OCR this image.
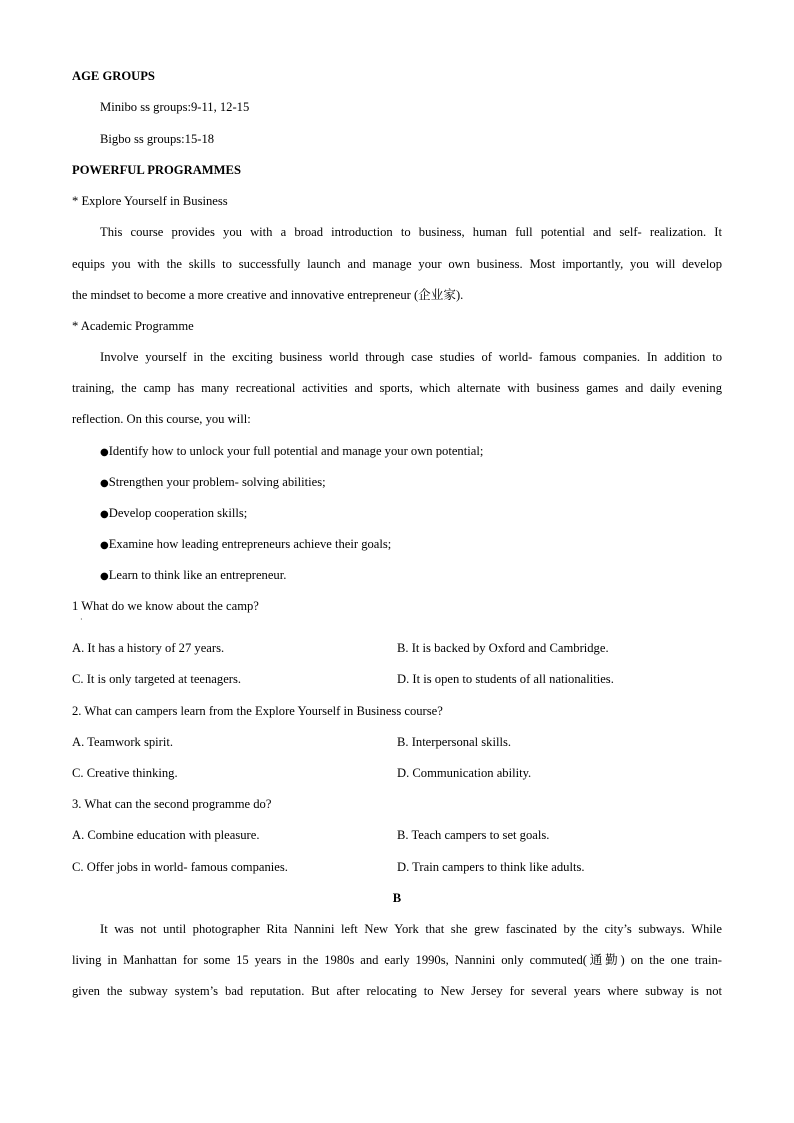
AGE GROUPS
Minibo ss groups:9-11, 12-15
Bigbo ss groups:15-18
POWERFUL PROGRAMMES
* Explore Yourself in Business
This course provides you with a broad introduction to business, human full potential and self- realization. It
equips you with the skills to successfully launch and manage your own business. Most importantly, you will develop
the mindset to become a more creative and innovative entrepreneur (企业家).
* Academic Programme
Involve yourself in the exciting business world through case studies of world- famous companies. In addition to
training, the camp has many recreational activities and sports, which alternate with business games and daily evening
reflection. On this course, you will:
●Identify how to unlock your full potential and manage your own potential;
●Strengthen your problem- solving abilities;
●Develop cooperation skills;
●Examine how leading entrepreneurs achieve their goals;
●Learn to think like an entrepreneur.
1 What do we know about the camp?
·
A. It has a history of 27 years.	B. It is backed by Oxford and Cambridge.
C. It is only targeted at teenagers.	D. It is open to students of all nationalities.
2. What can campers learn from the Explore Yourself in Business course?
A. Teamwork spirit.	B. Interpersonal skills.
C. Creative thinking.	D. Communication ability.
3. What can the second programme do?
A. Combine education with pleasure.	B. Teach campers to set goals.
C. Offer jobs in world- famous companies.	D. Train campers to think like adults.
B
It was not until photographer Rita Nannini left New York that she grew fascinated by the city’s subways. While
living in Manhattan for some 15 years in the 1980s and early 1990s, Nannini only commuted(通勤) on the one train-
given the subway system’s bad reputation. But after relocating to New Jersey for several years where subway is not
